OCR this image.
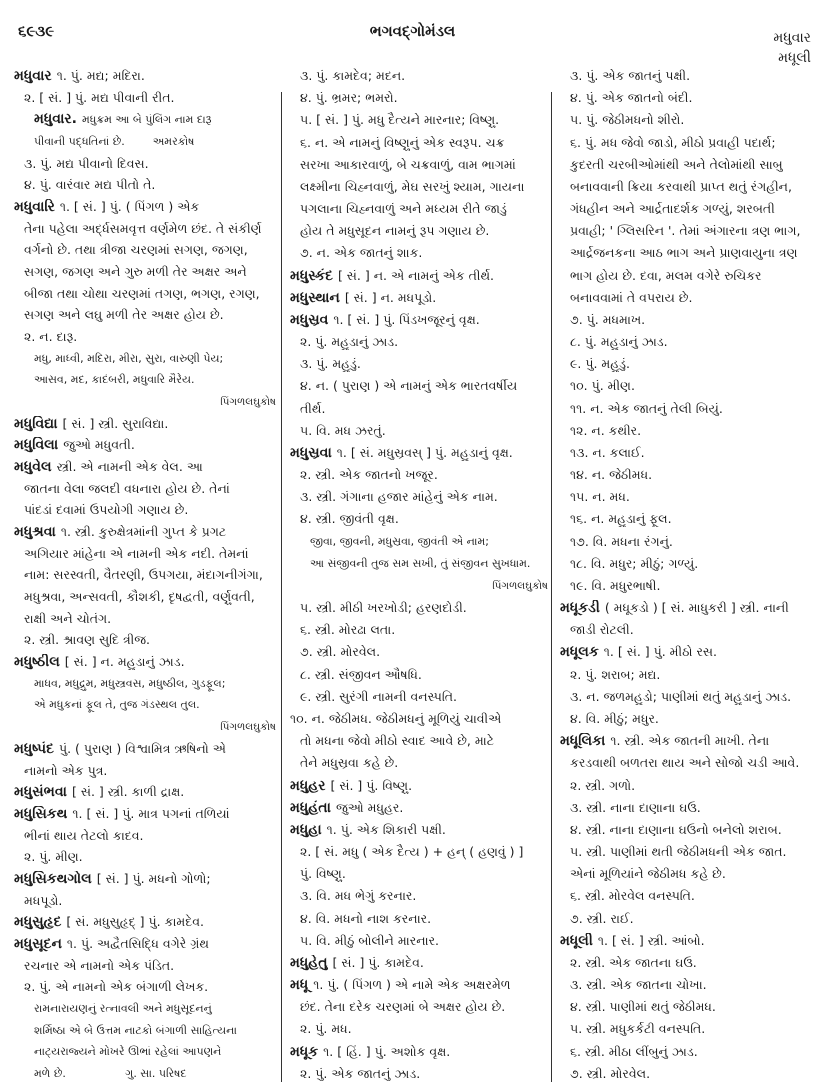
૬૯૩૯	ભગવદ્ગોમંડલ	મધુવાર
મધૂલી
મધુવાર ૧. પું. મદ્ય; મદિરા.
૨. [ સં. ] પું. મદ્ય પીવાની રીત.
મધુવાર. મધુક્રમ આ બે પુંલિંગ નામ દારૂ
પીવાની પદ્ધતિનાં છે.        અમરકોષ
૩. પું. મદ્ય પીવાનો દિવસ.
૪. પું. વારંવાર મદ્ય પીતો તે.
મધુવારિ ૧. [ સં. ] પું. ( પિંગળ ) એક
તેના પહેલા અર્દ્ધસમવૃત્ત વર્ણમેળ છંદ. તે સંકીર્ણ
વર્ગનો છે. તથા ત્રીજા ચરણમાં સગણ, જગણ,
સગણ, જગણ અને ગુરુ મળી તેર અક્ષર અને
બીજા તથા ચોથા ચરણમાં તગણ, ભગણ, રગણ,
સગણ અને લઘુ મળી તેર અક્ષર હોય છે.
૨. ન. દારૂ.
મધુ, માધ્વી, મદિરા, મીરા, સુરા, વારુણી પેય;
આસવ, મદ, કાદંબરી, મધુવારિ મૈરેય.
પિંગળલઘુકોષ
મધુવિદ્યા [ સં. ] સ્ત્રી. સુરાવિદ્યા.
મધુવિલા જુઓ મધુવતી.
મધુવેલ સ્ત્રી. એ નામની એક વેલ. આ
જાતના વેલા જલદી વધનારા હોય છે. તેનાં
પાંદડાં દવામાં ઉપયોગી ગણાય છે.
મધુશ્રવા ૧. સ્ત્રી. કુરુક્ષેત્રમાંની ગુપ્ત કે પ્રગટ
અગિયાર માંહેના એ નામની એક નદી. તેમનાં
નામ: સરસ્વતી, વૈતરણી, ઉપગયા, મંદાગનીગંગા,
મધુશ્રવા, અન્સવતી, કૌશકી, દૃષદ્વતી, વર્ણુવતી,
રાક્ષી અને ચોતંગ.
૨. સ્ત્રી. શ્રાવણ સુદિ ત્રીજ.
મધુષ્ઠીલ [ સં. ] ન. મહુડાનું ઝાડ.
માધવ, મધુદ્રુમ, મધુસ્ત્રવસ, મધુષ્ઠીલ, ગુડફૂલ;
એ મધુકનાં ફૂલ તે, તુજ ગંડસ્થલ તુલ.
પિંગળલઘુકોષ
મધુષ્પંદ પું. ( પુરાણ ) વિશ્વામિત્ર ઋષિનો એ
નામનો એક પુત્ર.
મધુસંભવા [ સં. ] સ્ત્રી. કાળી દ્રાક્ષ.
મધુસિકથ ૧. [ સં. ] પું. માત્ર પગનાં તળિયાં
ભીનાં થાય તેટલો કાદવ.
૨. પું. મીણ.
મધુસિકથગોલ [ સં. ] પું. મધનો ગોળો;
મધપૂડો.
મધુસુહૃદ [ સં. મધુસુહૃદ્ ] પું. કામદેવ.
મધુસૂદન ૧. પું. અદ્વૈતસિદ્ધિ વગેરે ગ્રંથ
રચનાર એ નામનો એક પંડિત.
૨. પું. એ નામનો એક બંગાળી લેખક.
રામનારાયણનું રત્નાવલી અને મધુસૂદનનું
શર્મિષ્ઠા એ બે ઉત્તમ નાટકો બંગાળી સાહિત્યના
નાટ્યરાજ્યને મોખરે ઊભાં રહેલાં આપણને
મળે છે.                 ગુ. સા. પરિષદ
૩. પું. કામદેવ; મદન.
૪. પું. ભ્રમર; ભમરો.
૫. [ સં. ] પું. મધુ દૈત્યને મારનાર; વિષ્ણુ.
૬. ન. એ નામનું વિષ્ણુનું એક સ્વરૂપ. ચક્ર
સરખા આકારવાળું, બે ચક્રવાળું, વામ ભાગમાં
લક્ષ્મીના ચિહ્નવાળું, મેઘ સરખું શ્યામ, ગાયના
પગલાના ચિહ્નવાળું અને મધ્યમ રીતે જાડું
હોય તે મધુસૂદન નામનું રૂપ ગણાય છે.
૭. ન. એક જાતનું શાક.
મધુસ્કંદ [ સં. ] ન. એ નામનું એક તીર્થ.
મધુસ્થાન [ સં. ] ન. મધપૂડો.
મધુસ્રવ ૧. [ સં. ] પું. પિંડખજૂરનું વૃક્ષ.
૨. પું. મહુડાનું ઝાડ.
૩. પું. મહુડું.
૪. ન. ( પુરાણ ) એ નામનું એક ભારતવર્ષીય
તીર્થ.
૫. વિ. મધ ઝરતું.
મધુસ્રવા ૧. [ સં. મધુસ્રવસ્ ] પું. મહુડાનું વૃક્ષ.
૨. સ્ત્રી. એક જાતનો ખજૂર.
૩. સ્ત્રી. ગંગાના હજાર માંહેનું એક નામ.
૪. સ્ત્રી. જીવંતી વૃક્ષ.
જીવા, જીવની, મધુસ્રવા, જીવંતી એ નામ;
આ સંજીવની તુજ સમ સખી, તું સંજીવન સુખધામ.
પિંગળલઘુકોષ
૫. સ્ત્રી. મીઠી ખરખોડી; હરણદોડી.
૬. સ્ત્રી. મોરઢા લતા.
૭. સ્ત્રી. મોરવેલ.
૮. સ્ત્રી. સંજીવન ઔષધિ.
૯. સ્ત્રી. સુરંગી નામની વનસ્પતિ.
૧૦. ન. જેઠીમધ. જેઠીમધનું મૂળિયું ચાવીએ
તો મધના જેવો મીઠો સ્વાદ આવે છે, માટે
તેને મધુસ્રવા કહે છે.
મધુહર [ સં. ] પું. વિષ્ણુ.
મધુહંતા જુઓ મધુહર.
મધુહા ૧. પું. એક શિકારી પક્ષી.
૨. [ સં. મધુ ( એક દૈત્ય ) + હન્ ( હણવું ) ]
પું. વિષ્ણુ.
૩. વિ. મધ ભેગું કરનાર.
૪. વિ. મધનો નાશ કરનાર.
૫. વિ. મીઠું બોલીને મારનાર.
મધુહેતુ [ સં. ] પું. કામદેવ.
મધૂ ૧. પું. ( પિંગળ ) એ નામે એક અક્ષરમેળ
છંદ. તેના દરેક ચરણમાં બે અક્ષર હોય છે.
૨. પું. મધ.
મધૂક ૧. [ હિં. ] પું. અશોક વૃક્ષ.
૨. પું. એક જાતનું ઝાડ.
૩. પું. એક જાતનું પક્ષી.
૪. પું. એક જાતનો બંદી.
૫. પું. જેઠીમધનો શીરો.
૬. પું. મધ જેવો જાડો, મીઠો પ્રવાહી પદાર્થ;
કુદરતી ચરબીઓમાંથી અને તેલોમાંથી સાબુ
બનાવવાની ક્રિયા કરવાથી પ્રાપ્ત થતું રંગહીન,
ગંધહીન અને આર્દ્રતાદર્શક ગળ્યું, શરબતી
પ્રવાહી; ' ગ્લિસરિન '. તેમાં અંગારના ત્રણ ભાગ,
આર્દ્રજનકના આઠ ભાગ અને પ્રાણવાયુના ત્રણ
ભાગ હોય છે. દવા, મલમ વગેરે રુચિકર
બનાવવામાં તે વપરાય છે.
૭. પું. મધમાખ.
૮. પું. મહુડાનું ઝાડ.
૯. પું. મહુડું.
૧૦. પું. મીણ.
૧૧. ન. એક જાતનું તેલી બિયું.
૧૨. ન. કથીર.
૧૩. ન. કલાઈ.
૧૪. ન. જેઠીમધ.
૧૫. ન. મધ.
૧૬. ન. મહુડાનું ફૂલ.
૧૭. વિ. મધના રંગનું.
૧૮. વિ. મધુર; મીઠું; ગળ્યું.
૧૯. વિ. મધુરભાષી.
મધૂકડી ( મધૂકડો ) [ સં. માધુકરી ] સ્ત્રી. નાની
જાડી રોટલી.
મધૂલક ૧. [ સં. ] પું. મીઠો રસ.
૨. પું. શરાબ; મદ્ય.
૩. ન. જળમહુડો; પાણીમાં થતું મહુડાનું ઝાડ.
૪. વિ. મીઠું; મધુર.
મધૂલિકા ૧. સ્ત્રી. એક જાતની માખી. તેના
કરડવાથી બળતરા થાય અને સોજો ચડી આવે.
૨. સ્ત્રી. ગળો.
૩. સ્ત્રી. નાના દાણાના ઘઉં.
૪. સ્ત્રી. નાના દાણાના ઘઉંનો બનેલો શરાબ.
૫. સ્ત્રી. પાણીમાં થતી જેઠીમધની એક જાત.
એનાં મૂળિયાંને જેઠીમધ કહે છે.
૬. સ્ત્રી. મોરવેલ વનસ્પતિ.
૭. સ્ત્રી. રાઈ.
મધૂલી ૧. [ સં. ] સ્ત્રી. આંબો.
૨. સ્ત્રી. એક જાતના ઘઉં.
૩. સ્ત્રી. એક જાતના ચોખા.
૪. સ્ત્રી. પાણીમાં થતું જેઠીમધ.
૫. સ્ત્રી. મધુકર્કટી વનસ્પતિ.
૬. સ્ત્રી. મીઠા લીંબુનું ઝાડ.
૭. સ્ત્રી. મોરવેલ.
